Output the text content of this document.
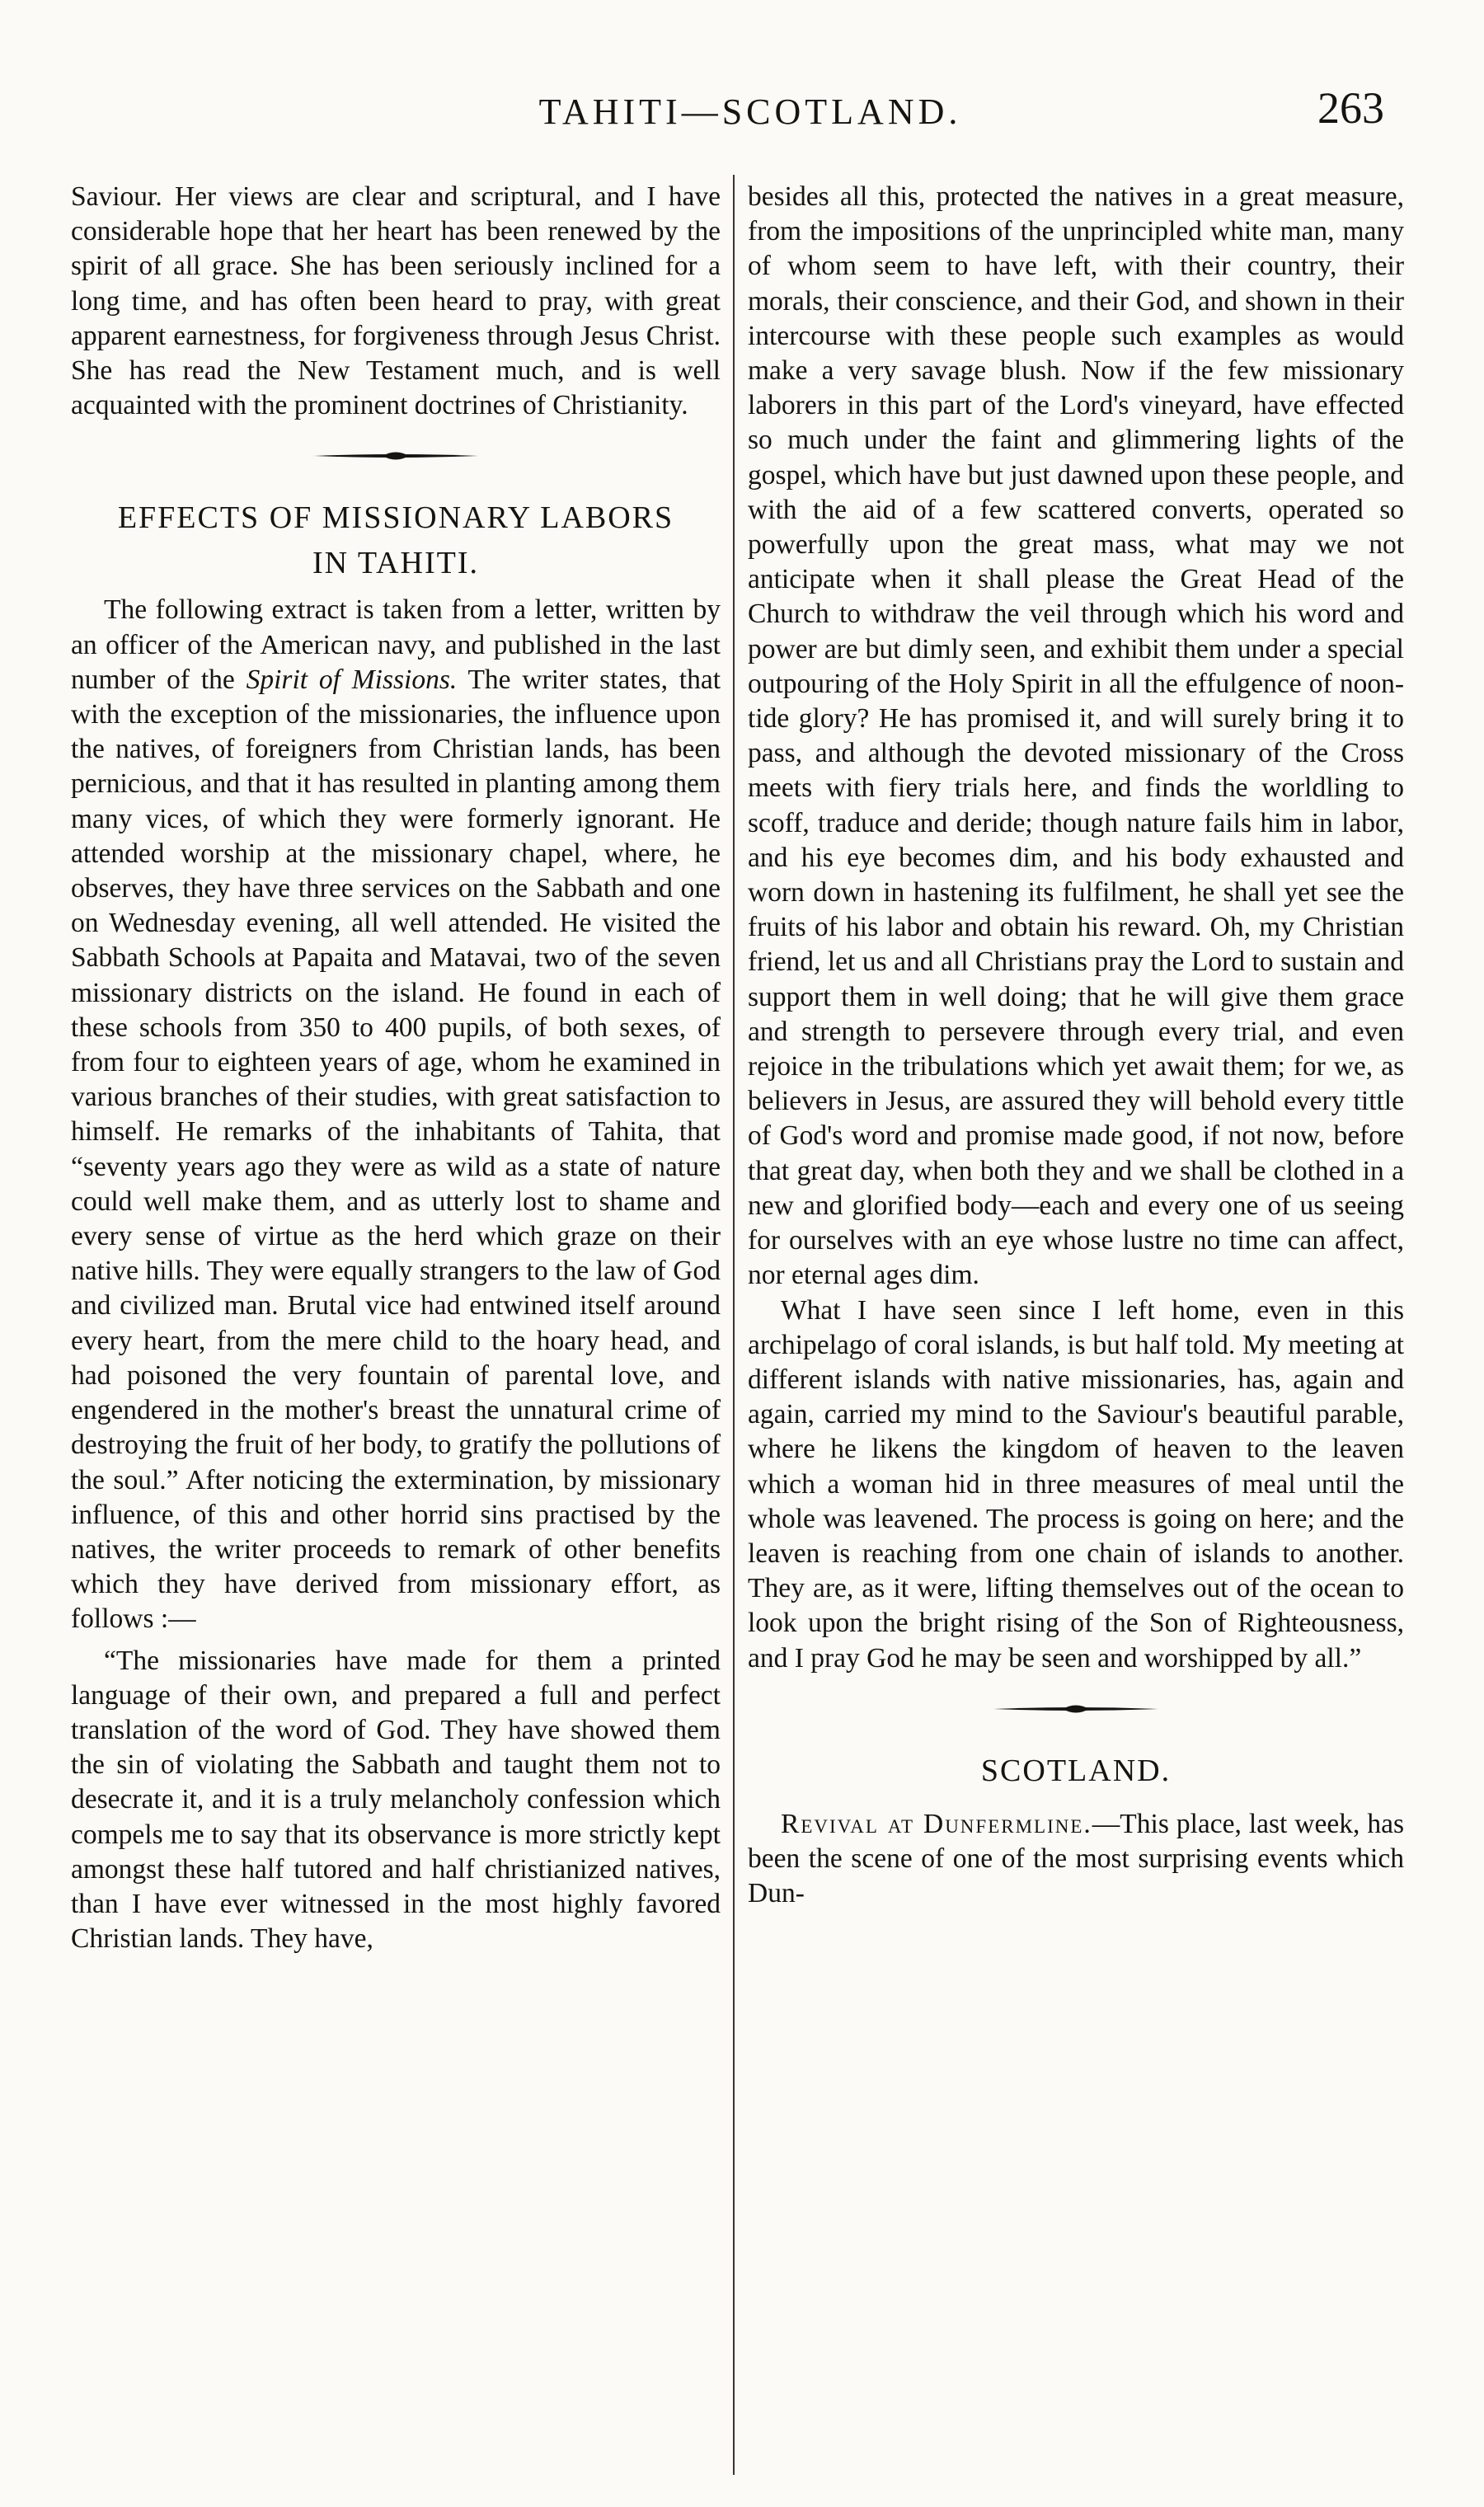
TAHITI—SCOTLAND.	263

Saviour. Her views are clear and scriptural, and I have considerable hope that her heart has been renewed by the spirit of all grace. She has been seriously inclined for a long time, and has often been heard to pray, with great apparent earnestness, for forgiveness through Jesus Christ. She has read the New Testament much, and is well acquainted with the prominent doctrines of Christianity.

EFFECTS OF MISSIONARY LABORS
IN TAHITI.

The following extract is taken from a letter, written by an officer of the American navy, and published in the last number of the Spirit of Missions. The writer states, that with the exception of the missionaries, the influence upon the natives, of foreigners from Christian lands, has been pernicious, and that it has resulted in planting among them many vices, of which they were formerly ignorant. He attended worship at the missionary chapel, where, he observes, they have three services on the Sabbath and one on Wednesday evening, all well attended. He visited the Sabbath Schools at Papaita and Matavai, two of the seven missionary districts on the island. He found in each of these schools from 350 to 400 pupils, of both sexes, of from four to eighteen years of age, whom he examined in various branches of their studies, with great satisfaction to himself. He remarks of the inhabitants of Tahita, that “seventy years ago they were as wild as a state of nature could well make them, and as utterly lost to shame and every sense of virtue as the herd which graze on their native hills. They were equally strangers to the law of God and civilized man. Brutal vice had entwined itself around every heart, from the mere child to the hoary head, and had poisoned the very fountain of parental love, and engendered in the mother's breast the unnatural crime of destroying the fruit of her body, to gratify the pollutions of the soul.” After noticing the extermination, by missionary influence, of this and other horrid sins practised by the natives, the writer proceeds to remark of other benefits which they have derived from missionary effort, as follows :—

“The missionaries have made for them a printed language of their own, and prepared a full and perfect translation of the word of God. They have showed them the sin of violating the Sabbath and taught them not to desecrate it, and it is a truly melancholy confession which compels me to say that its observance is more strictly kept amongst these half tutored and half christianized natives, than I have ever witnessed in the most highly favored Christian lands. They have,

besides all this, protected the natives in a great measure, from the impositions of the unprincipled white man, many of whom seem to have left, with their country, their morals, their conscience, and their God, and shown in their intercourse with these people such examples as would make a very savage blush. Now if the few missionary laborers in this part of the Lord's vineyard, have effected so much under the faint and glimmering lights of the gospel, which have but just dawned upon these people, and with the aid of a few scattered converts, operated so powerfully upon the great mass, what may we not anticipate when it shall please the Great Head of the Church to withdraw the veil through which his word and power are but dimly seen, and exhibit them under a special outpouring of the Holy Spirit in all the effulgence of noon-tide glory? He has promised it, and will surely bring it to pass, and although the devoted missionary of the Cross meets with fiery trials here, and finds the worldling to scoff, traduce and deride; though nature fails him in labor, and his eye becomes dim, and his body exhausted and worn down in hastening its fulfilment, he shall yet see the fruits of his labor and obtain his reward. Oh, my Christian friend, let us and all Christians pray the Lord to sustain and support them in well doing; that he will give them grace and strength to persevere through every trial, and even rejoice in the tribulations which yet await them; for we, as believers in Jesus, are assured they will behold every tittle of God's word and promise made good, if not now, before that great day, when both they and we shall be clothed in a new and glorified body—each and every one of us seeing for ourselves with an eye whose lustre no time can affect, nor eternal ages dim.

What I have seen since I left home, even in this archipelago of coral islands, is but half told. My meeting at different islands with native missionaries, has, again and again, carried my mind to the Saviour's beautiful parable, where he likens the kingdom of heaven to the leaven which a woman hid in three measures of meal until the whole was leavened. The process is going on here; and the leaven is reaching from one chain of islands to another. They are, as it were, lifting themselves out of the ocean to look upon the bright rising of the Son of Righteousness, and I pray God he may be seen and worshipped by all.”

SCOTLAND.

Revival at Dunfermline.—This place, last week, has been the scene of one of the most surprising events which Dun-
